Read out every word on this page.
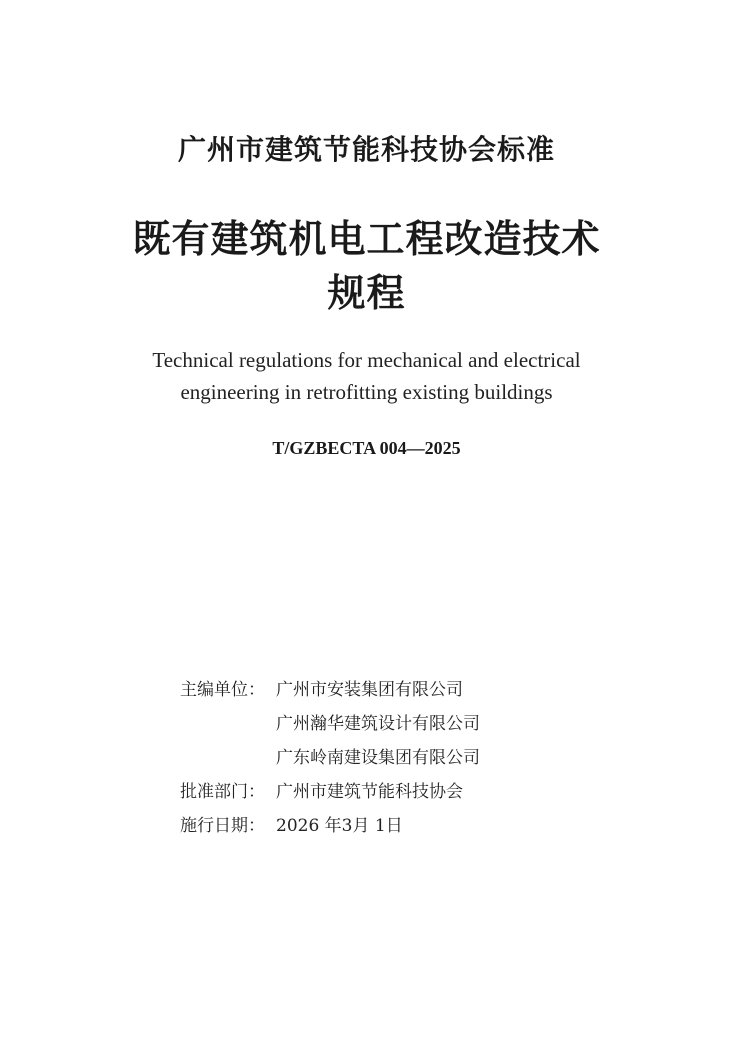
广州市建筑节能科技协会标准
既有建筑机电工程改造技术
规程
Technical regulations for mechanical and electrical
engineering in retrofitting existing buildings
T/GZBECTA 004—2025
主编单位： 广州市安装集团有限公司
广州瀚华建筑设计有限公司
广东岭南建设集团有限公司
批准部门： 广州市建筑节能科技协会
施行日期： 2026 年3月 1日
